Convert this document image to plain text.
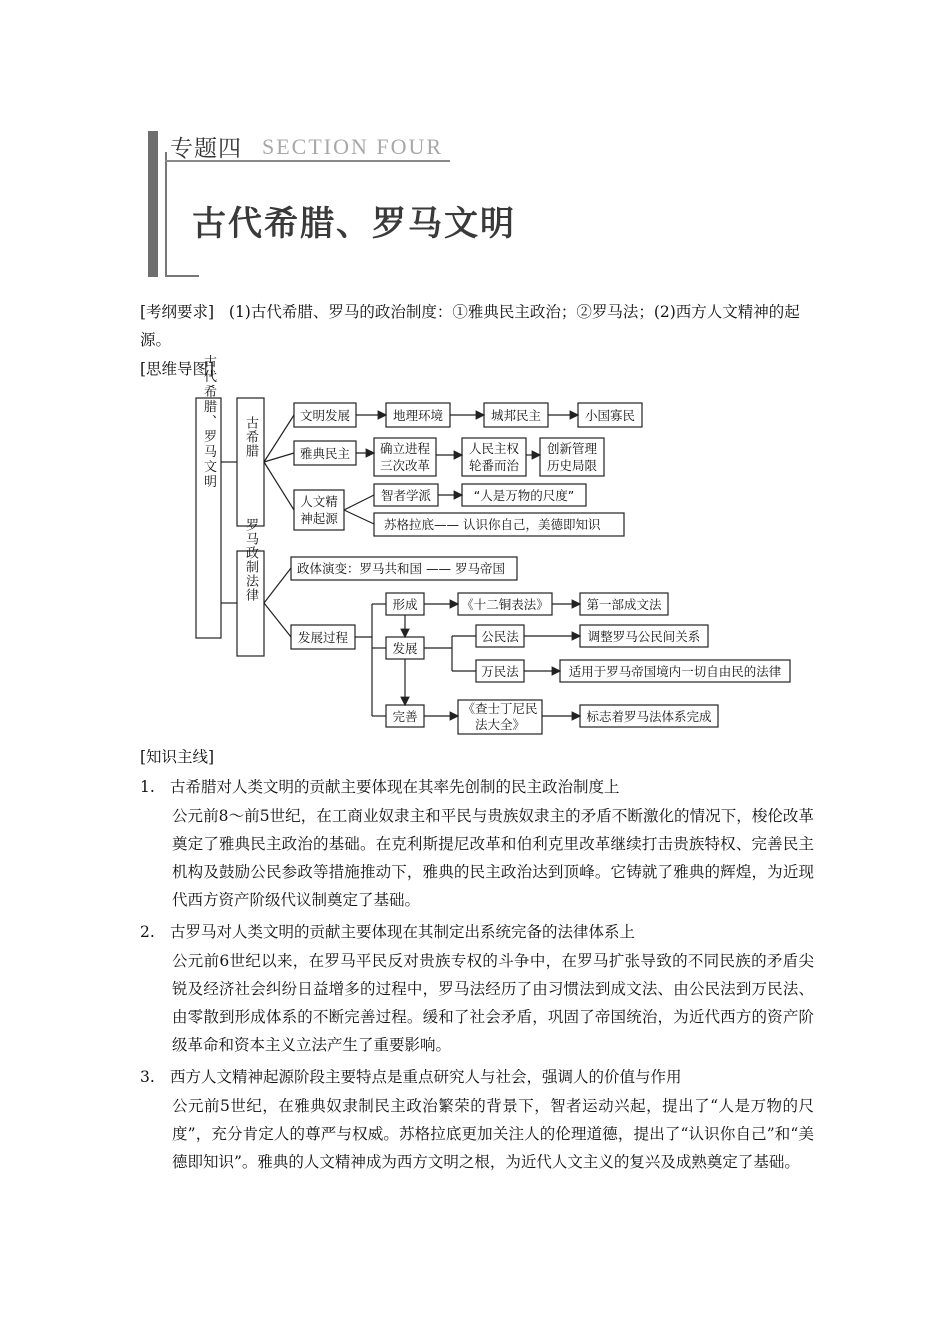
专题四 SECTION FOUR
古代希腊、罗马文明
[考纲要求] (1)古代希腊、罗马的政治制度：①雅典民主政治；②罗马法；(2)西方人文精神的起源。
[思维导图]
古代希腊、罗马文明 古希腊
罗马政制法律
文明发展	地理环境	城邦民主	小国寡民
雅典民主 确立进程
三次改革
人民主权
轮番而治
创新管理
历史局限
人文精
神起源
智者学派	“人是万物的尺度”
苏格拉底—— 认识你自己，美德即知识
政体演变：罗马共和国 —— 罗马帝国
发展过程
形成	《十二铜表法》	第一部成文法
发展
公民法	调整罗马公民间关系
万民法	适用于罗马帝国境内一切自由民的法律
完善
《查士丁尼民
法大全》
标志着罗马法体系完成
[知识主线]
1. 古希腊对人类文明的贡献主要体现在其率先创制的民主政治制度上
公元前8～前5世纪，在工商业奴隶主和平民与贵族奴隶主的矛盾不断激化的情况下，梭伦改革奠定了雅典民主政治的基础。在克利斯提尼改革和伯利克里改革继续打击贵族特权、完善民主机构及鼓励公民参政等措施推动下，雅典的民主政治达到顶峰。它铸就了雅典的辉煌，为近现代西方资产阶级代议制奠定了基础。
2. 古罗马对人类文明的贡献主要体现在其制定出系统完备的法律体系上
公元前6世纪以来，在罗马平民反对贵族专权的斗争中，在罗马扩张导致的不同民族的矛盾尖锐及经济社会纠纷日益增多的过程中，罗马法经历了由习惯法到成文法、由公民法到万民法、由零散到形成体系的不断完善过程。缓和了社会矛盾，巩固了帝国统治，为近代西方的资产阶级革命和资本主义立法产生了重要影响。
3. 西方人文精神起源阶段主要特点是重点研究人与社会，强调人的价值与作用
公元前5世纪，在雅典奴隶制民主政治繁荣的背景下，智者运动兴起，提出了“人是万物的尺度”，充分肯定人的尊严与权威。苏格拉底更加关注人的伦理道德，提出了“认识你自己”和“美德即知识”。雅典的人文精神成为西方文明之根，为近代人文主义的复兴及成熟奠定了基础。
